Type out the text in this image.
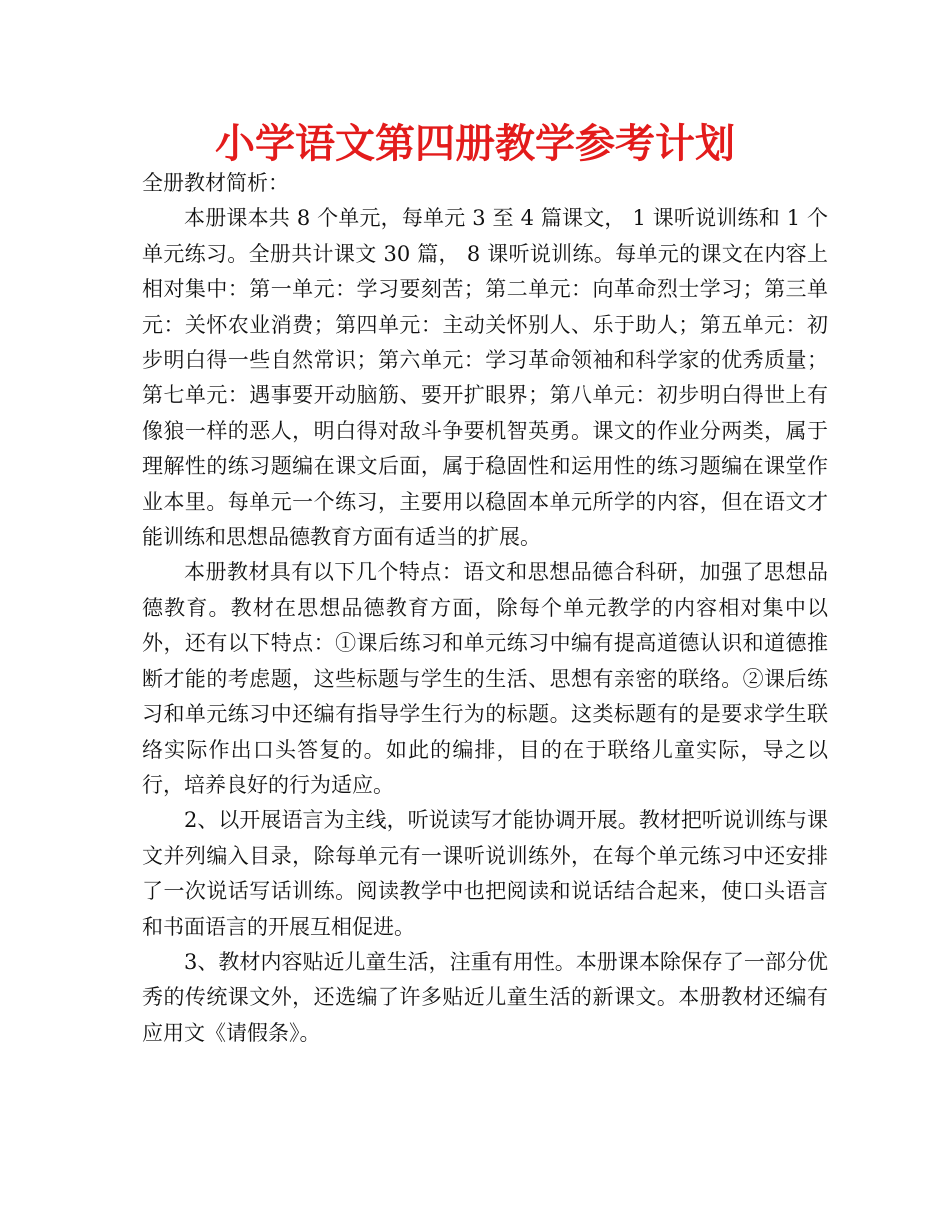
小学语文第四册教学参考计划

全册教材简析：

本册课本共 8 个单元，每单元 3 至 4 篇课文， 1 课听说训练和 1 个单元练习。全册共计课文 30 篇， 8 课听说训练。每单元的课文在内容上相对集中：第一单元：学习要刻苦；第二单元：向革命烈士学习；第三单元：关怀农业消费；第四单元：主动关怀别人、乐于助人；第五单元：初步明白得一些自然常识；第六单元：学习革命领袖和科学家的优秀质量；第七单元：遇事要开动脑筋、要开扩眼界；第八单元：初步明白得世上有像狼一样的恶人，明白得对敌斗争要机智英勇。课文的作业分两类，属于理解性的练习题编在课文后面，属于稳固性和运用性的练习题编在课堂作业本里。每单元一个练习，主要用以稳固本单元所学的内容，但在语文才能训练和思想品德教育方面有适当的扩展。

本册教材具有以下几个特点：语文和思想品德合科研，加强了思想品德教育。教材在思想品德教育方面，除每个单元教学的内容相对集中以外，还有以下特点：①课后练习和单元练习中编有提高道德认识和道德推断才能的考虑题，这些标题与学生的生活、思想有亲密的联络。②课后练习和单元练习中还编有指导学生行为的标题。这类标题有的是要求学生联络实际作出口头答复的。如此的编排，目的在于联络儿童实际，导之以行，培养良好的行为适应。

2、以开展语言为主线，听说读写才能协调开展。教材把听说训练与课文并列编入目录，除每单元有一课听说训练外，在每个单元练习中还安排了一次说话写话训练。阅读教学中也把阅读和说话结合起来，使口头语言和书面语言的开展互相促进。

3、教材内容贴近儿童生活，注重有用性。本册课本除保存了一部分优秀的传统课文外，还选编了许多贴近儿童生活的新课文。本册教材还编有应用文《请假条》。
